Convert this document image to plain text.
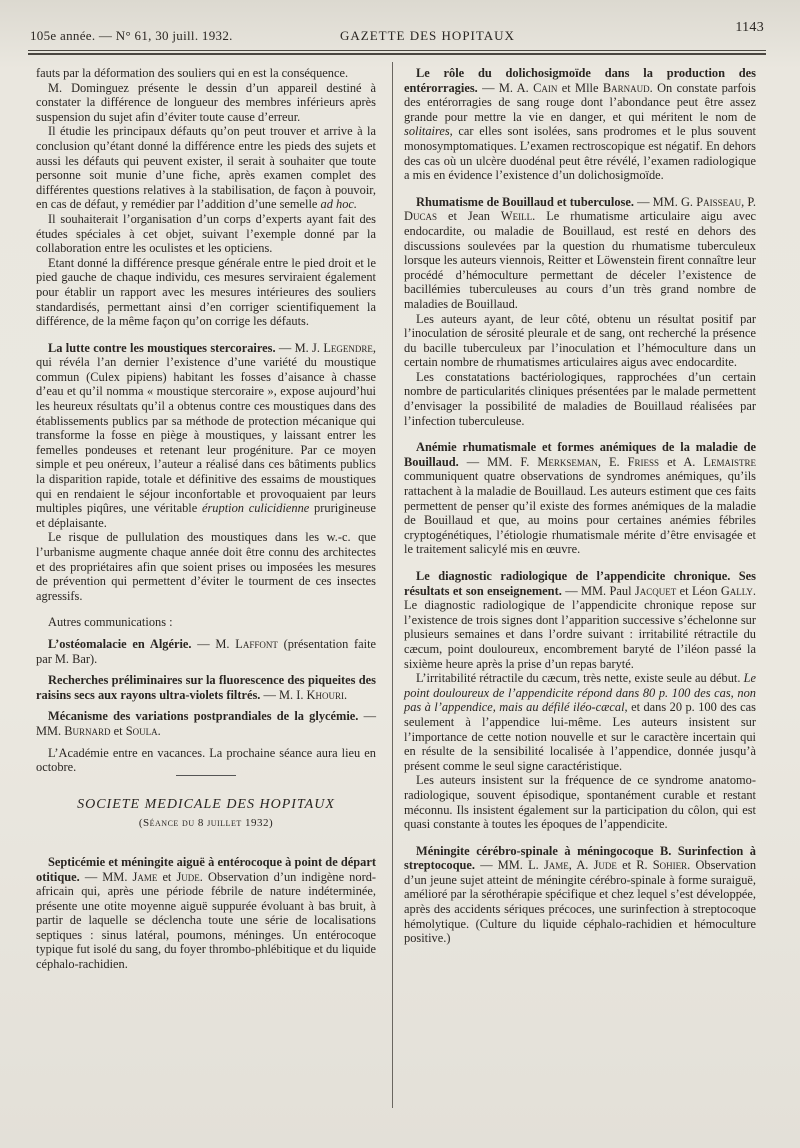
105e année. — N° 61, 30 juill. 1932.	GAZETTE DES HOPITAUX
1143

fauts par la déformation des souliers qui en est la conséquence.

M. Dominguez présente le dessin d’un appareil destiné à constater la différence de longueur des membres inférieurs après suspension du sujet afin d’éviter toute cause d’erreur.

Il étudie les principaux défauts qu’on peut trouver et arrive à la conclusion qu’étant donné la différence entre les pieds des sujets et aussi les défauts qui peuvent exister, il serait à souhaiter que toute personne soit munie d’une fiche, après examen complet des différentes questions relatives à la stabilisation, de façon à pouvoir, en cas de défaut, y remédier par l’addition d’une semelle ad hoc.

Il souhaiterait l’organisation d’un corps d’experts ayant fait des études spéciales à cet objet, suivant l’exemple donné par la collaboration entre les oculistes et les opticiens.

Etant donné la différence presque générale entre le pied droit et le pied gauche de chaque individu, ces mesures serviraient également pour établir un rapport avec les mesures intérieures des souliers standardisés, permettant ainsi d’en corriger scientifiquement la différence, de la même façon qu’on corrige les défauts.

La lutte contre les moustiques stercoraires. — M. J. Legendre, qui révéla l’an dernier l’existence d’une variété du moustique commun (Culex pipiens) habitant les fosses d’aisance à chasse d’eau et qu’il nomma « moustique stercoraire », expose aujourd’hui les heureux résultats qu’il a obtenus contre ces moustiques dans des établissements publics par sa méthode de protection mécanique qui transforme la fosse en piège à moustiques, y laissant entrer les femelles pondeuses et retenant leur progéniture. Par ce moyen simple et peu onéreux, l’auteur a réalisé dans ces bâtiments publics la disparition rapide, totale et définitive des essaims de moustiques qui en rendaient le séjour inconfortable et provoquaient par leurs multiples piqûres, une véritable éruption culicidienne prurigineuse et déplaisante.

Le risque de pullulation des moustiques dans les w.-c. que l’urbanisme augmente chaque année doit être connu des architectes et des propriétaires afin que soient prises ou imposées les mesures de prévention qui permettent d’éviter le tourment de ces insectes agressifs.

Autres communications :

L’ostéomalacie en Algérie. — M. Laffont (présentation faite par M. Bar).

Recherches préliminaires sur la fluorescence des piqueites des raisins secs aux rayons ultra-violets filtrés. — M. I. Khouri.

Mécanisme des variations postprandiales de la glycémie. — MM. Burnard et Soula.

L’Académie entre en vacances. La prochaine séance aura lieu en octobre.

SOCIETE MEDICALE DES HOPITAUX
(Séance du 8 juillet 1932)

Septicémie et méningite aiguë à entérocoque à point de départ otitique. — MM. Jame et Jude. Observation d’un indigène nord-africain qui, après une période fébrile de nature indéterminée, présente une otite moyenne aiguë suppurée évoluant à bas bruit, à partir de laquelle se déclencha toute une série de localisations septiques : sinus latéral, poumons, méninges. Un entérocoque typique fut isolé du sang, du foyer thrombo-phlébitique et du liquide céphalo-rachidien.

Le rôle du dolichosigmoïde dans la production des entérorragies. — M. A. Cain et Mlle Barnaud. On constate parfois des entérorragies de sang rouge dont l’abondance peut être assez grande pour mettre la vie en danger, et qui méritent le nom de solitaires, car elles sont isolées, sans prodromes et le plus souvent monosymptomatiques. L’examen rectroscopique est négatif. En dehors des cas où un ulcère duodénal peut être révélé, l’examen radiologique a mis en évidence l’existence d’un dolichosigmoïde.

Rhumatisme de Bouillaud et tuberculose. — MM. G. Paisseau, P. Ducas et Jean Weill. Le rhumatisme articulaire aigu avec endocardite, ou maladie de Bouillaud, est resté en dehors des discussions soulevées par la question du rhumatisme tuberculeux lorsque les auteurs viennois, Reitter et Löwenstein firent connaître leur procédé d’hémoculture permettant de déceler l’existence de bacillémies tuberculeuses au cours d’un très grand nombre de maladies de Bouillaud.

Les auteurs ayant, de leur côté, obtenu un résultat positif par l’inoculation de sérosité pleurale et de sang, ont recherché la présence du bacille tuberculeux par l’inoculation et l’hémoculture dans un certain nombre de rhumatismes articulaires aigus avec endocardite.

Les constatations bactériologiques, rapprochées d’un certain nombre de particularités cliniques présentées par le malade permettent d’envisager la possibilité de maladies de Bouillaud réalisées par l’infection tuberculeuse.

Anémie rhumatismale et formes anémiques de la maladie de Bouillaud. — MM. F. Merkseman, E. Friess et A. Lemaistre communiquent quatre observations de syndromes anémiques, qu’ils rattachent à la maladie de Bouillaud. Les auteurs estiment que ces faits permettent de penser qu’il existe des formes anémiques de la maladie de Bouillaud et que, au moins pour certaines anémies fébriles cryptogénétiques, l’étiologie rhumatismale mérite d’être envisagée et le traitement salicylé mis en œuvre.

Le diagnostic radiologique de l’appendicite chronique. Ses résultats et son enseignement. — MM. Paul Jacquet et Léon Gally. Le diagnostic radiologique de l’appendicite chronique repose sur l’existence de trois signes dont l’apparition successive s’échelonne sur plusieurs semaines et dans l’ordre suivant : irritabilité rétractile du cæcum, point douloureux, encombrement baryté de l’iléon passé la sixième heure après la prise d’un repas baryté.

L’irritabilité rétractile du cæcum, très nette, existe seule au début. Le point douloureux de l’appendicite répond dans 80 p. 100 des cas, non pas à l’appendice, mais au défilé iléo-cæcal, et dans 20 p. 100 des cas seulement à l’appendice lui-même. Les auteurs insistent sur l’importance de cette notion nouvelle et sur le caractère incertain qui en résulte de la sensibilité localisée à l’appendice, donnée jusqu’à présent comme le seul signe caractéristique.

Les auteurs insistent sur la fréquence de ce syndrome anatomo-radiologique, souvent épisodique, spontanément curable et restant méconnu. Ils insistent également sur la participation du côlon, qui est quasi constante à toutes les époques de l’appendicite.

Méningite cérébro-spinale à méningocoque B. Surinfection à streptocoque. — MM. L. Jame, A. Jude et R. Sohier. Observation d’un jeune sujet atteint de méningite cérébro-spinale à forme suraiguë, amélioré par la sérothérapie spécifique et chez lequel s’est développée, après des accidents sériques précoces, une surinfection à streptocoque hémolytique. (Culture du liquide céphalo-rachidien et hémoculture positive.)
